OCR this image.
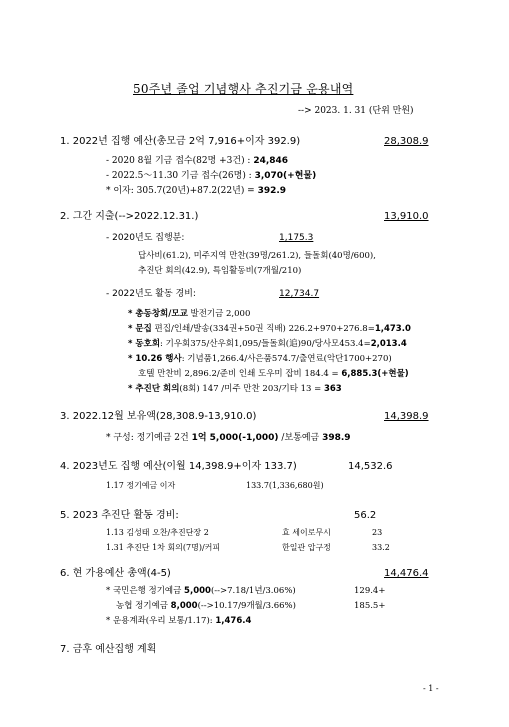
50주년 졸업 기념행사 추진기금 운용내역
--> 2023. 1. 31 (단위 만원)
1. 2022년 집행 예산(총모금 2억 7,916+이자 392.9)	28,308.9
- 2020 8월 기금 접수(82명 +3건) : 24,846
- 2022.5～11.30 기금 접수(26명) : 3,070(+현물)
* 이자: 305.7(20년)+87.2(22년) = 392.9
2. 그간 지출(-->2022.12.31.)	13,910.0
- 2020년도 집행분:	1,175.3
답사비(61.2), 미주지역 만찬(39명/261.2), 들돌회(40명/600),
추진단 회의(42.9), 특임활동비(7개월/210)
- 2022년도 활동 경비:	12,734.7
* 총동창회/모교 발전기금 2,000
* 문집 편집/인쇄/발송(334권+50권 직배) 226.2+970+276.8=1,473.0
* 동호회: 기우회375/산우회1,095/들돌회(追)90/당사모453.4=2,013.4
* 10.26 행사: 기념품1,266.4/사은품574.7/출연료(악단1700+270)
호텔 만찬비 2,896.2/준비 인쇄 도우미 잡비 184.4 = 6,885.3(+현물)
* 추진단 회의(8회) 147 /미주 만찬 203/기타 13 = 363
3. 2022.12월 보유액(28,308.9-13,910.0)	14,398.9
* 구성: 정기예금 2건 1억 5,000(-1,000) /보통예금 398.9
4. 2023년도 집행 예산(이월 14,398.9+이자 133.7)	14,532.6
1.17 정기예금 이자	133.7(1,336,680원)
5. 2023 추진단 활동 경비:	56.2
1.13 김성태 오찬/추진단장 2	효 세이로무시	23
1.31 추진단 1차 회의(7명)/커피	한일관 압구정	33.2
6. 현 가용예산 총액(4-5)	14,476.4
* 국민은행 정기예금 5,000(-->7.18/1년/3.06%)	129.4+
농협 정기예금 8,000(-->10.17/9개월/3.66%)	185.5+
* 운용계좌(우리 보통/1.17): 1,476.4
7. 금후 예산집행 계획
- 1 -
